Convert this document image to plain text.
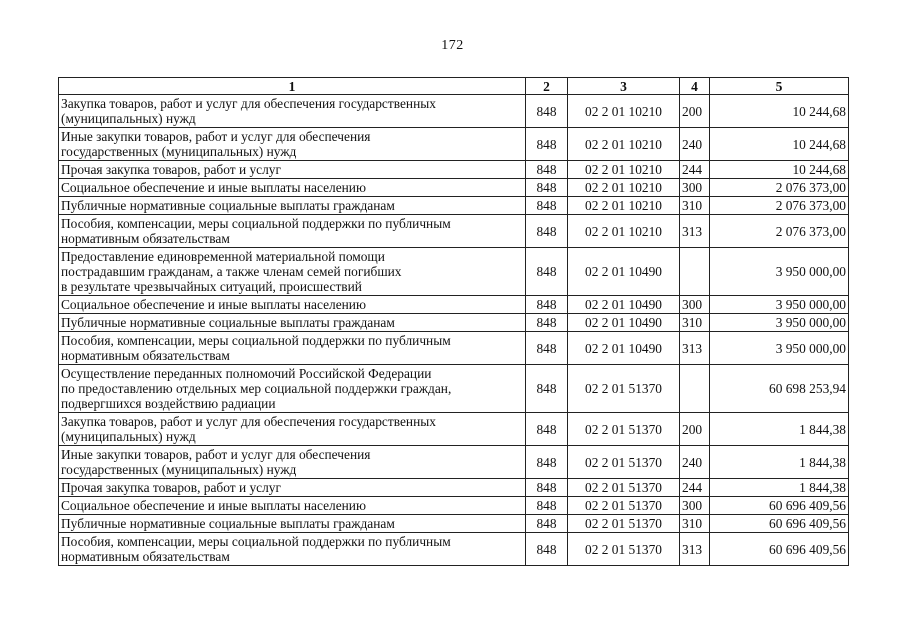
172
1	2	3	4	5
Закупка товаров, работ и услуг для обеспечения государственных
(муниципальных) нужд	848	02 2 01 10210	200	10 244,68
Иные закупки товаров, работ и услуг для обеспечения
государственных (муниципальных) нужд	848	02 2 01 10210	240	10 244,68
Прочая закупка товаров, работ и услуг	848	02 2 01 10210	244	10 244,68
Социальное обеспечение и иные выплаты населению	848	02 2 01 10210	300	2 076 373,00
Публичные нормативные социальные выплаты гражданам	848	02 2 01 10210	310	2 076 373,00
Пособия, компенсации, меры социальной поддержки по публичным
нормативным обязательствам	848	02 2 01 10210	313	2 076 373,00
Предоставление единовременной материальной помощи
пострадавшим гражданам, а также членам семей погибших
в результате чрезвычайных ситуаций, происшествий	848	02 2 01 10490		3 950 000,00
Социальное обеспечение и иные выплаты населению	848	02 2 01 10490	300	3 950 000,00
Публичные нормативные социальные выплаты гражданам	848	02 2 01 10490	310	3 950 000,00
Пособия, компенсации, меры социальной поддержки по публичным
нормативным обязательствам	848	02 2 01 10490	313	3 950 000,00
Осуществление переданных полномочий Российской Федерации
по предоставлению отдельных мер социальной поддержки граждан,
подвергшихся воздействию радиации	848	02 2 01 51370		60 698 253,94
Закупка товаров, работ и услуг для обеспечения государственных
(муниципальных) нужд	848	02 2 01 51370	200	1 844,38
Иные закупки товаров, работ и услуг для обеспечения
государственных (муниципальных) нужд	848	02 2 01 51370	240	1 844,38
Прочая закупка товаров, работ и услуг	848	02 2 01 51370	244	1 844,38
Социальное обеспечение и иные выплаты населению	848	02 2 01 51370	300	60 696 409,56
Публичные нормативные социальные выплаты гражданам	848	02 2 01 51370	310	60 696 409,56
Пособия, компенсации, меры социальной поддержки по публичным
нормативным обязательствам	848	02 2 01 51370	313	60 696 409,56
